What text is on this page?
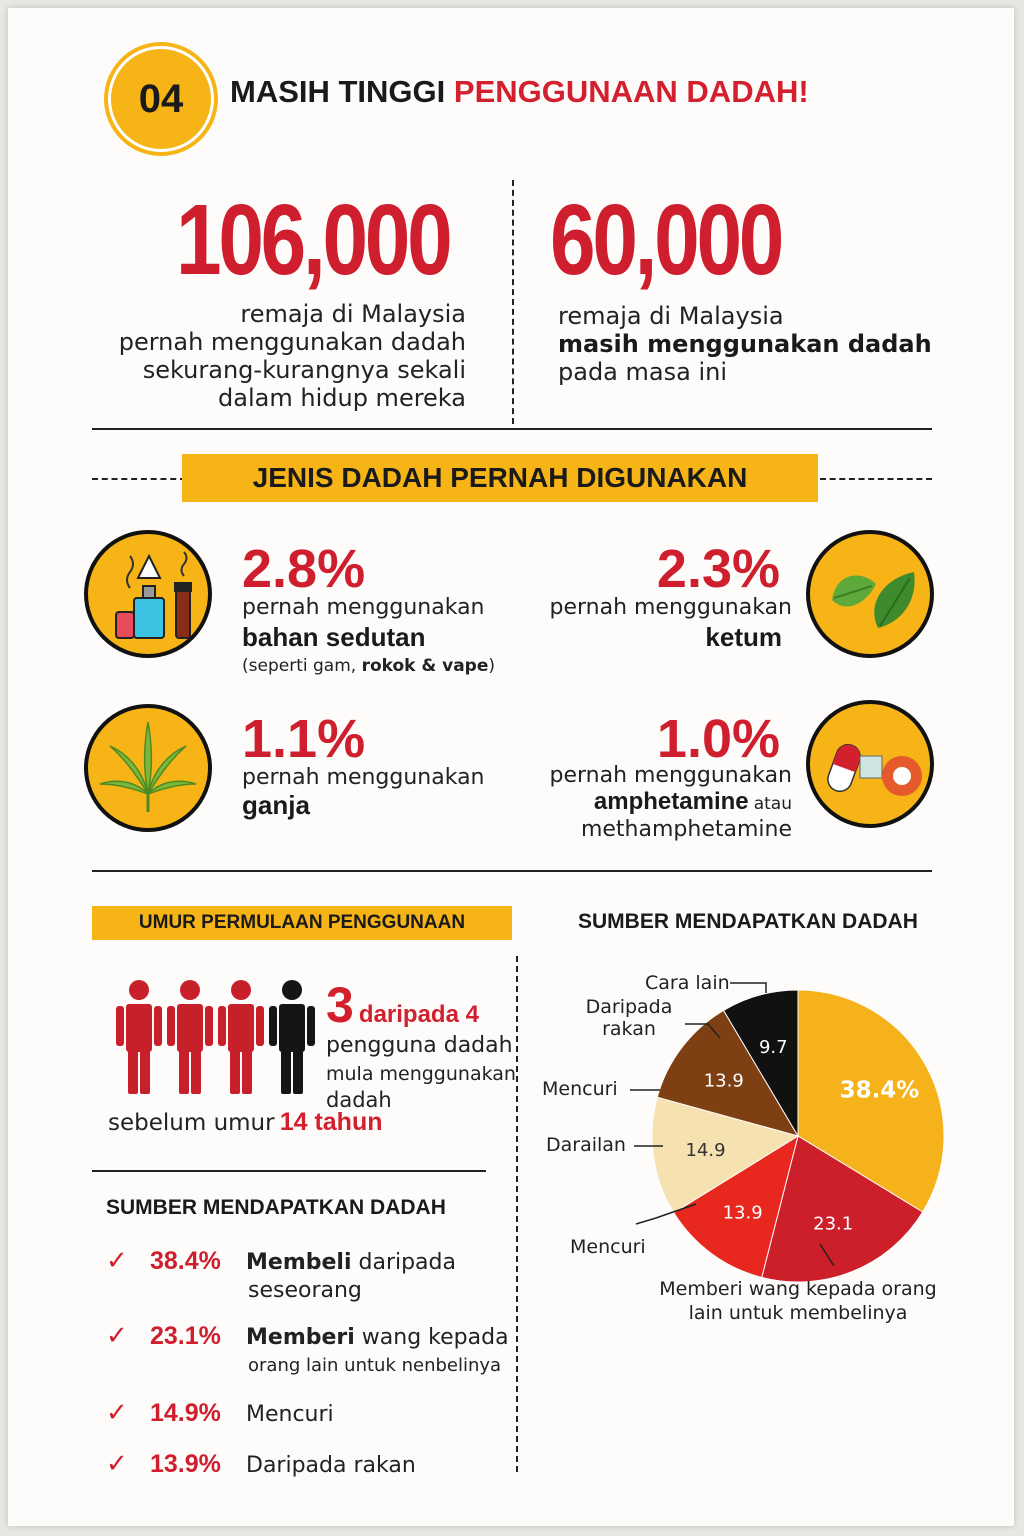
04 MASIH TINGGI PENGGUNAAN DADAH!
106,000
remaja di Malaysia
pernah menggunakan dadah
sekurang-kurangnya sekali
dalam hidup mereka
60,000
remaja di Malaysia
masih menggunakan dadah
pada masa ini
JENIS DADAH PERNAH DIGUNAKAN
2.8%
pernah menggunakan
bahan sedutan
(seperti gam, rokok & vape)
2.3%
pernah menggunakan
ketum
1.1%
pernah menggunakan
ganja
1.0%
pernah menggunakan
amphetamine atau
methamphetamine
UMUR PERMULAAN PENGGUNAAN
3 daripada 4
pengguna dadah
mula menggunakan
dadah
sebelum umur 14 tahun
SUMBER MENDAPATKAN DADAH
✓ 38.4%	Membeli daripada
seseorang
✓ 23.1%	Memberi wang kepada
orang lain untuk nenbelinya
✓ 14.9%	Mencuri
✓ 13.9%	Daripada rakan
SUMBER MENDAPATKAN DADAH
38.4%
23.1
13.9
14.9
13.9
9.7
Cara lain
Daripada
rakan
Mencuri
Darailan
Mencuri
Memberi wang kepada orang
lain untuk membelinya
